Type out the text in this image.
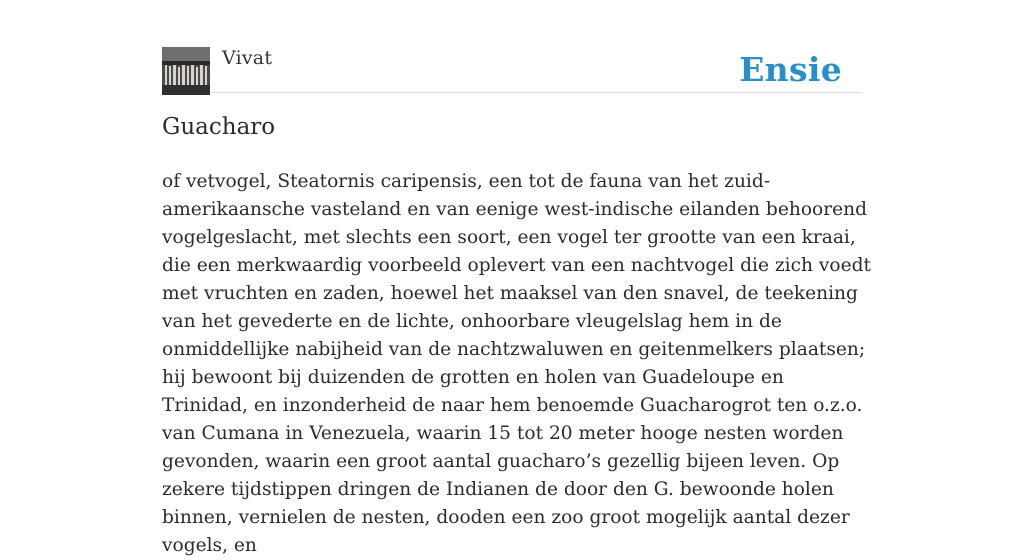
Vivat	Ensie
Guacharo

of vetvogel, Steatornis caripensis, een tot de fauna van het zuid-amerikaansche vasteland en van eenige west-indische eilanden behoorend vogelgeslacht, met slechts een soort, een vogel ter grootte van een kraai, die een merkwaardig voorbeeld oplevert van een nachtvogel die zich voedt met vruchten en zaden, hoewel het maaksel van den snavel, de teekening van het gevederte en de lichte, onhoorbare vleugelslag hem in de onmiddellijke nabijheid van de nachtzwaluwen en geitenmelkers plaatsen; hij bewoont bij duizenden de grotten en holen van Guadeloupe en Trinidad, en inzonderheid de naar hem benoemde Guacharogrot ten o.z.o. van Cumana in Venezuela, waarin 15 tot 20 meter hooge nesten worden gevonden, waarin een groot aantal guacharo’s gezellig bijeen leven. Op zekere tijdstippen dringen de Indianen de door den G. bewoonde holen binnen, vernielen de nesten, dooden een zoo groot mogelijk aantal dezer vogels, en
